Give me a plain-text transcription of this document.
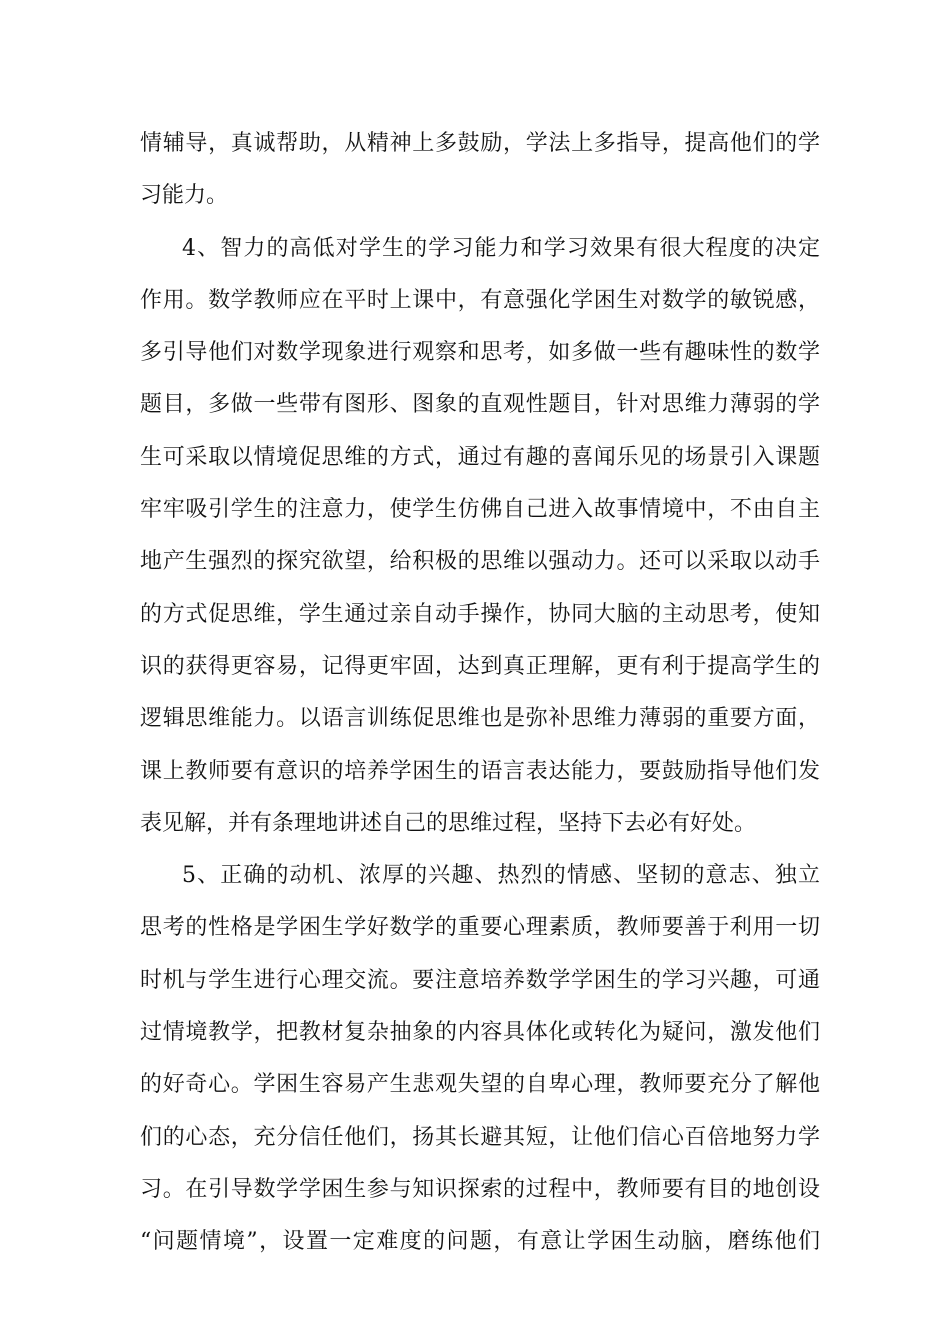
情辅导，真诚帮助，从精神上多鼓励，学法上多指导，提高他们的学
习能力。
4、智力的高低对学生的学习能力和学习效果有很大程度的决定
作用。数学教师应在平时上课中，有意强化学困生对数学的敏锐感，
多引导他们对数学现象进行观察和思考，如多做一些有趣味性的数学
题目，多做一些带有图形、图象的直观性题目，针对思维力薄弱的学
生可采取以情境促思维的方式，通过有趣的喜闻乐见的场景引入课题
牢牢吸引学生的注意力，使学生仿佛自己进入故事情境中，不由自主
地产生强烈的探究欲望，给积极的思维以强动力。还可以采取以动手
的方式促思维，学生通过亲自动手操作，协同大脑的主动思考，使知
识的获得更容易，记得更牢固，达到真正理解，更有利于提高学生的
逻辑思维能力。以语言训练促思维也是弥补思维力薄弱的重要方面，
课上教师要有意识的培养学困生的语言表达能力，要鼓励指导他们发
表见解，并有条理地讲述自己的思维过程，坚持下去必有好处。
5、正确的动机、浓厚的兴趣、热烈的情感、坚韧的意志、独立
思考的性格是学困生学好数学的重要心理素质，教师要善于利用一切
时机与学生进行心理交流。要注意培养数学学困生的学习兴趣，可通
过情境教学，把教材复杂抽象的内容具体化或转化为疑问，激发他们
的好奇心。学困生容易产生悲观失望的自卑心理，教师要充分了解他
们的心态，充分信任他们，扬其长避其短，让他们信心百倍地努力学
习。在引导数学学困生参与知识探索的过程中，教师要有目的地创设
“问题情境”，设置一定难度的问题，有意让学困生动脑，磨练他们
